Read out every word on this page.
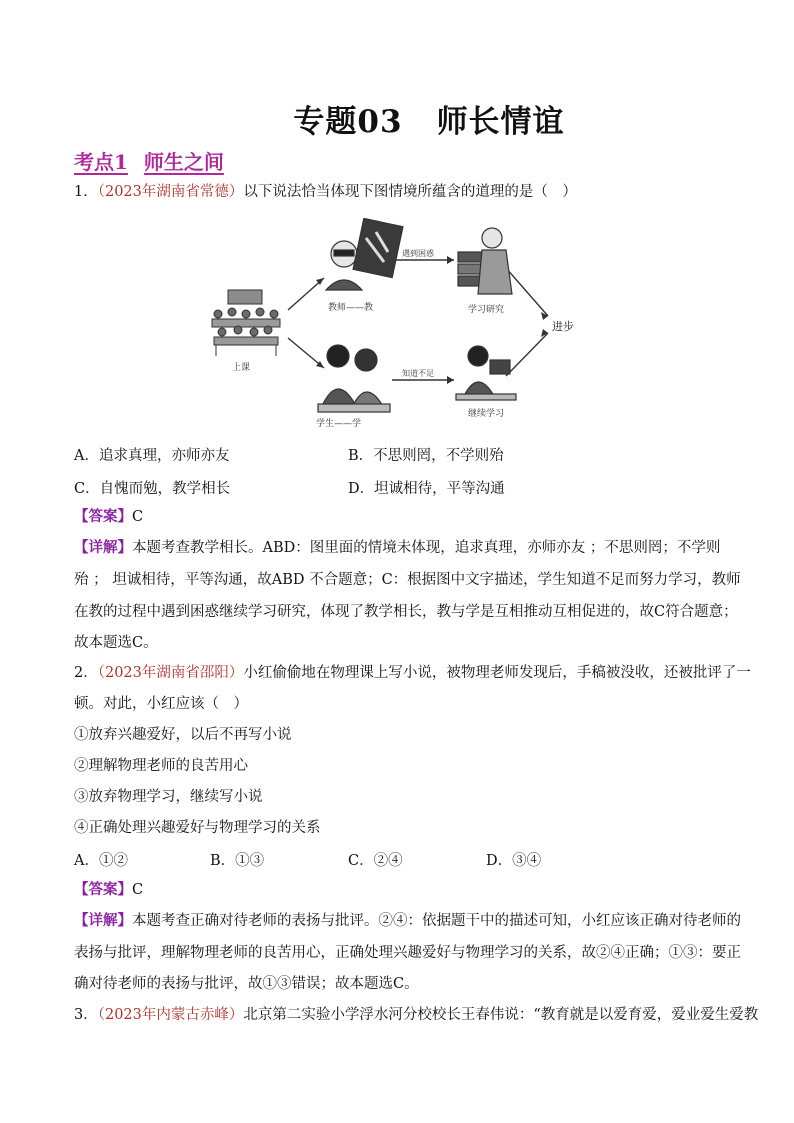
专题03 师长情谊
考点1 师生之间
1．（2023年湖南省常德）以下说法恰当体现下图情境所蕴含的道理的是（　）
上课
教师——教
学生——学
遇到困惑
知道不足
学习研究
继续学习
进步
A．追求真理，亦师亦友	B．不思则罔，不学则殆
C．自愧而勉，教学相长	D．坦诚相待，平等沟通
【答案】C
【详解】本题考查教学相长。ABD：图里面的情境未体现，追求真理，亦师亦友 ；不思则罔；不学则
殆 ； 坦诚相待，平等沟通，故ABD 不合题意；C：根据图中文字描述，学生知道不足而努力学习，教师
在教的过程中遇到困惑继续学习研究，体现了教学相长，教与学是互相推动互相促进的，故C符合题意；
故本题选C。
2．（2023年湖南省邵阳）小红偷偷地在物理课上写小说，被物理老师发现后，手稿被没收，还被批评了一
顿。对此，小红应该（　）
①放弃兴趣爱好，以后不再写小说
②理解物理老师的良苦用心
③放弃物理学习，继续写小说
④正确处理兴趣爱好与物理学习的关系
A．①②	B．①③	C．②④	D．③④
【答案】C
【详解】本题考查正确对待老师的表扬与批评。②④：依据题干中的描述可知，小红应该正确对待老师的
表扬与批评，理解物理老师的良苦用心，正确处理兴趣爱好与物理学习的关系，故②④正确；①③：要正
确对待老师的表扬与批评，故①③错误；故本题选C。
3．（2023年内蒙古赤峰）北京第二实验小学浮水河分校校长王春伟说：“教育就是以爱育爱，爱业爱生爱教
